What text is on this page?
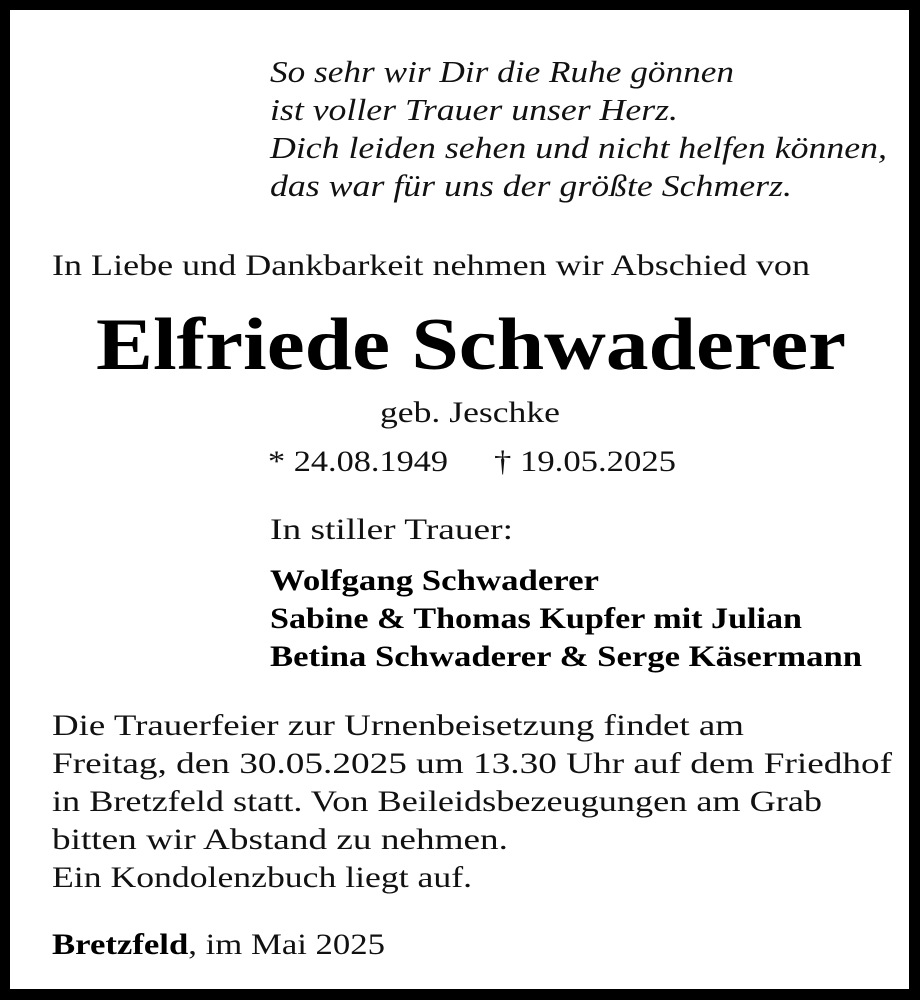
So sehr wir Dir die Ruhe gönnen
ist voller Trauer unser Herz.
Dich leiden sehen und nicht helfen können,
das war für uns der größte Schmerz.
In Liebe und Dankbarkeit nehmen wir Abschied von
Elfriede Schwaderer
geb. Jeschke
* 24.08.1949 † 19.05.2025
In stiller Trauer:
Wolfgang Schwaderer
Sabine & Thomas Kupfer mit Julian
Betina Schwaderer & Serge Käsermann
Die Trauerfeier zur Urnenbeisetzung findet am
Freitag, den 30.05.2025 um 13.30 Uhr auf dem Friedhof
in Bretzfeld statt. Von Beileidsbezeugungen am Grab
bitten wir Abstand zu nehmen.
Ein Kondolenzbuch liegt auf.
Bretzfeld, im Mai 2025
